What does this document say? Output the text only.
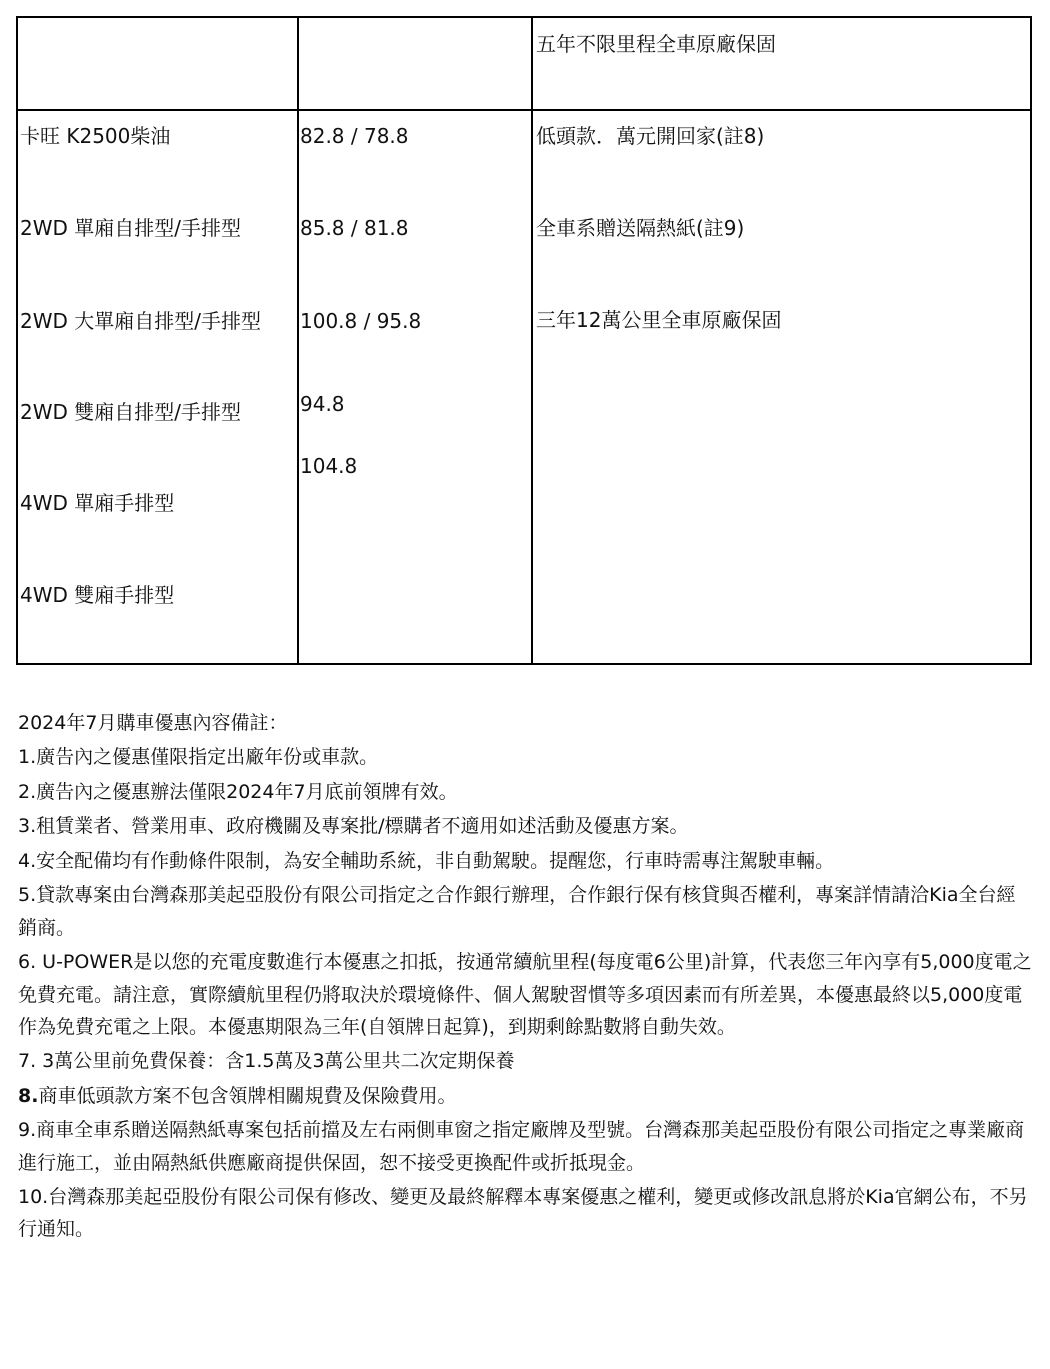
五年不限里程全車原廠保固
卡旺 K2500柴油
2WD 單廂自排型/手排型
2WD 大單廂自排型/手排型
2WD 雙廂自排型/手排型
4WD 單廂手排型
4WD 雙廂手排型
82.8 / 78.8
85.8 / 81.8
100.8 / 95.8
94.8
104.8
低頭款．萬元開回家(註8)
全車系贈送隔熱紙(註9)
三年12萬公里全車原廠保固

2024年7月購車優惠內容備註：

1.廣告內之優惠僅限指定出廠年份或車款。

2.廣告內之優惠辦法僅限2024年7月底前領牌有效。

3.租賃業者、營業用車、政府機關及專案批/標購者不適用如述活動及優惠方案。

4.安全配備均有作動條件限制，為安全輔助系統，非自動駕駛。提醒您，行車時需專注駕駛車輛。

5.貸款專案由台灣森那美起亞股份有限公司指定之合作銀行辦理，合作銀行保有核貸與否權利，專案詳情請洽Kia全台經銷商。

6. U-POWER是以您的充電度數進行本優惠之扣抵，按通常續航里程(每度電6公里)計算，代表您三年內享有5,000度電之免費充電。請注意，實際續航里程仍將取決於環境條件、個人駕駛習慣等多項因素而有所差異，本優惠最終以5,000度電作為免費充電之上限。本優惠期限為三年(自領牌日起算)，到期剩餘點數將自動失效。

7. 3萬公里前免費保養：含1.5萬及3萬公里共二次定期保養

8.商車低頭款方案不包含領牌相關規費及保險費用。

9.商車全車系贈送隔熱紙專案包括前擋及左右兩側車窗之指定廠牌及型號。台灣森那美起亞股份有限公司指定之專業廠商進行施工，並由隔熱紙供應廠商提供保固，恕不接受更換配件或折抵現金。

10.台灣森那美起亞股份有限公司保有修改、變更及最終解釋本專案優惠之權利，變更或修改訊息將於Kia官網公布，不另行通知。
